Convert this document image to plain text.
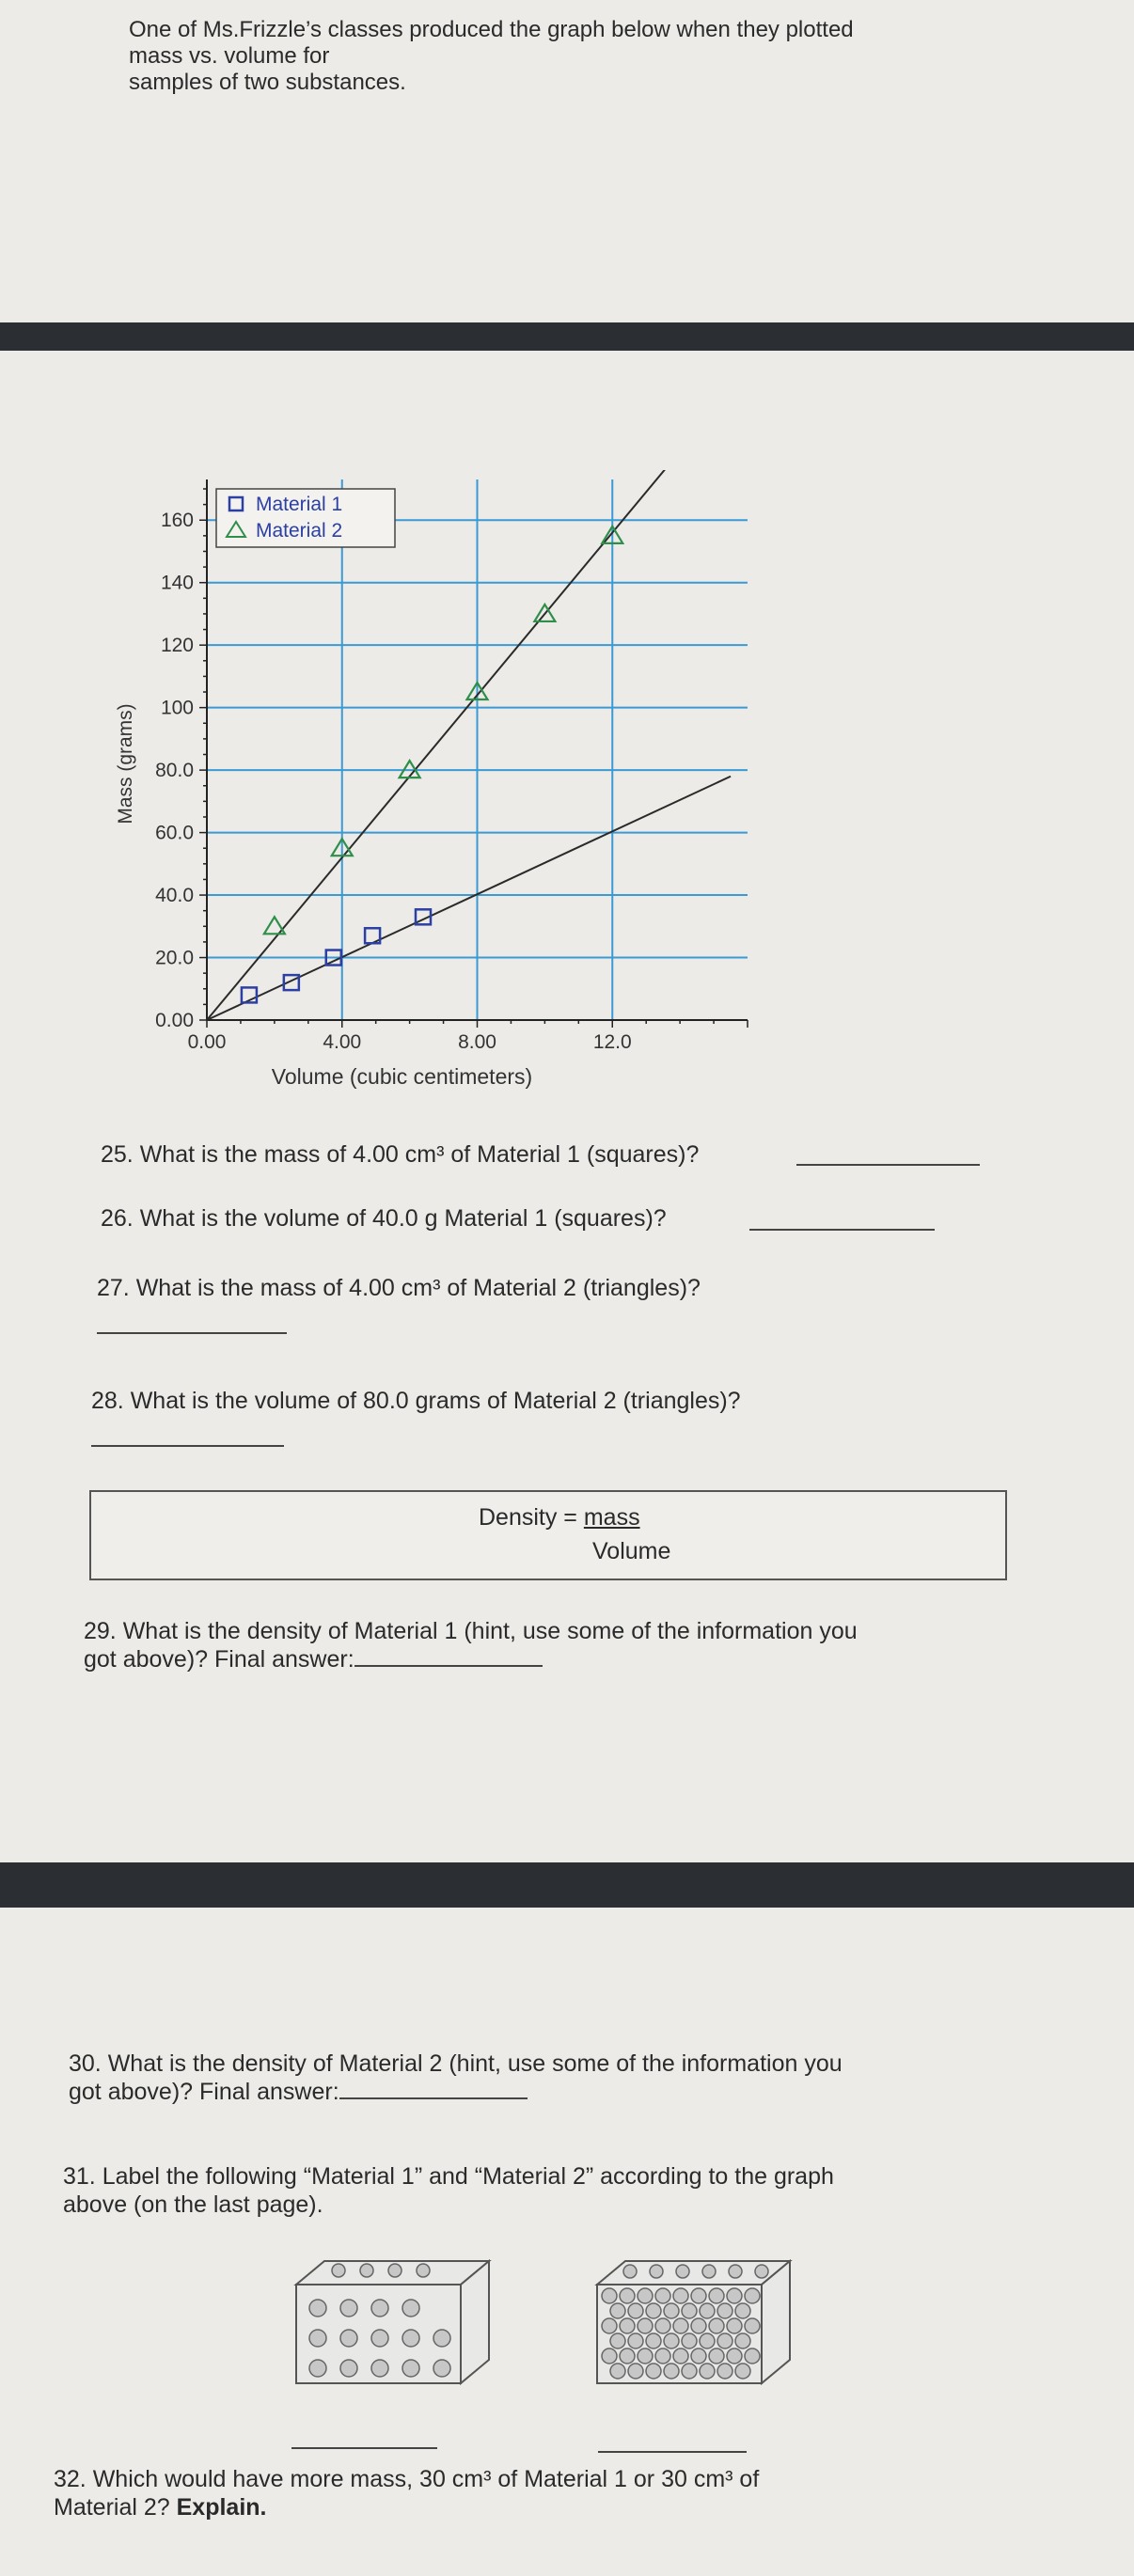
One of Ms.Frizzle’s classes produced the graph below when they plotted
mass vs. volume for
samples of two substances.
0.00
20.0
40.0
60.0
80.0
100
120
140
160
0.00	4.00	8.00	12.0
Volume (cubic centimeters)
Mass (grams)
Material 1
Material 2
25. What is the mass of 4.00 cm³ of Material 1 (squares)?
26. What is the volume of 40.0 g Material 1 (squares)?
27. What is the mass of 4.00 cm³ of Material 2 (triangles)?
28. What is the volume of 80.0 grams of Material 2 (triangles)?
Density = mass
Volume
29. What is the density of Material 1 (hint, use some of the information you
got above)? Final answer:
30. What is the density of Material 2 (hint, use some of the information you
got above)? Final answer:
31. Label the following “Material 1” and “Material 2” according to the graph
above (on the last page).
32. Which would have more mass, 30 cm³ of Material 1 or 30 cm³ of
Material 2? Explain.
